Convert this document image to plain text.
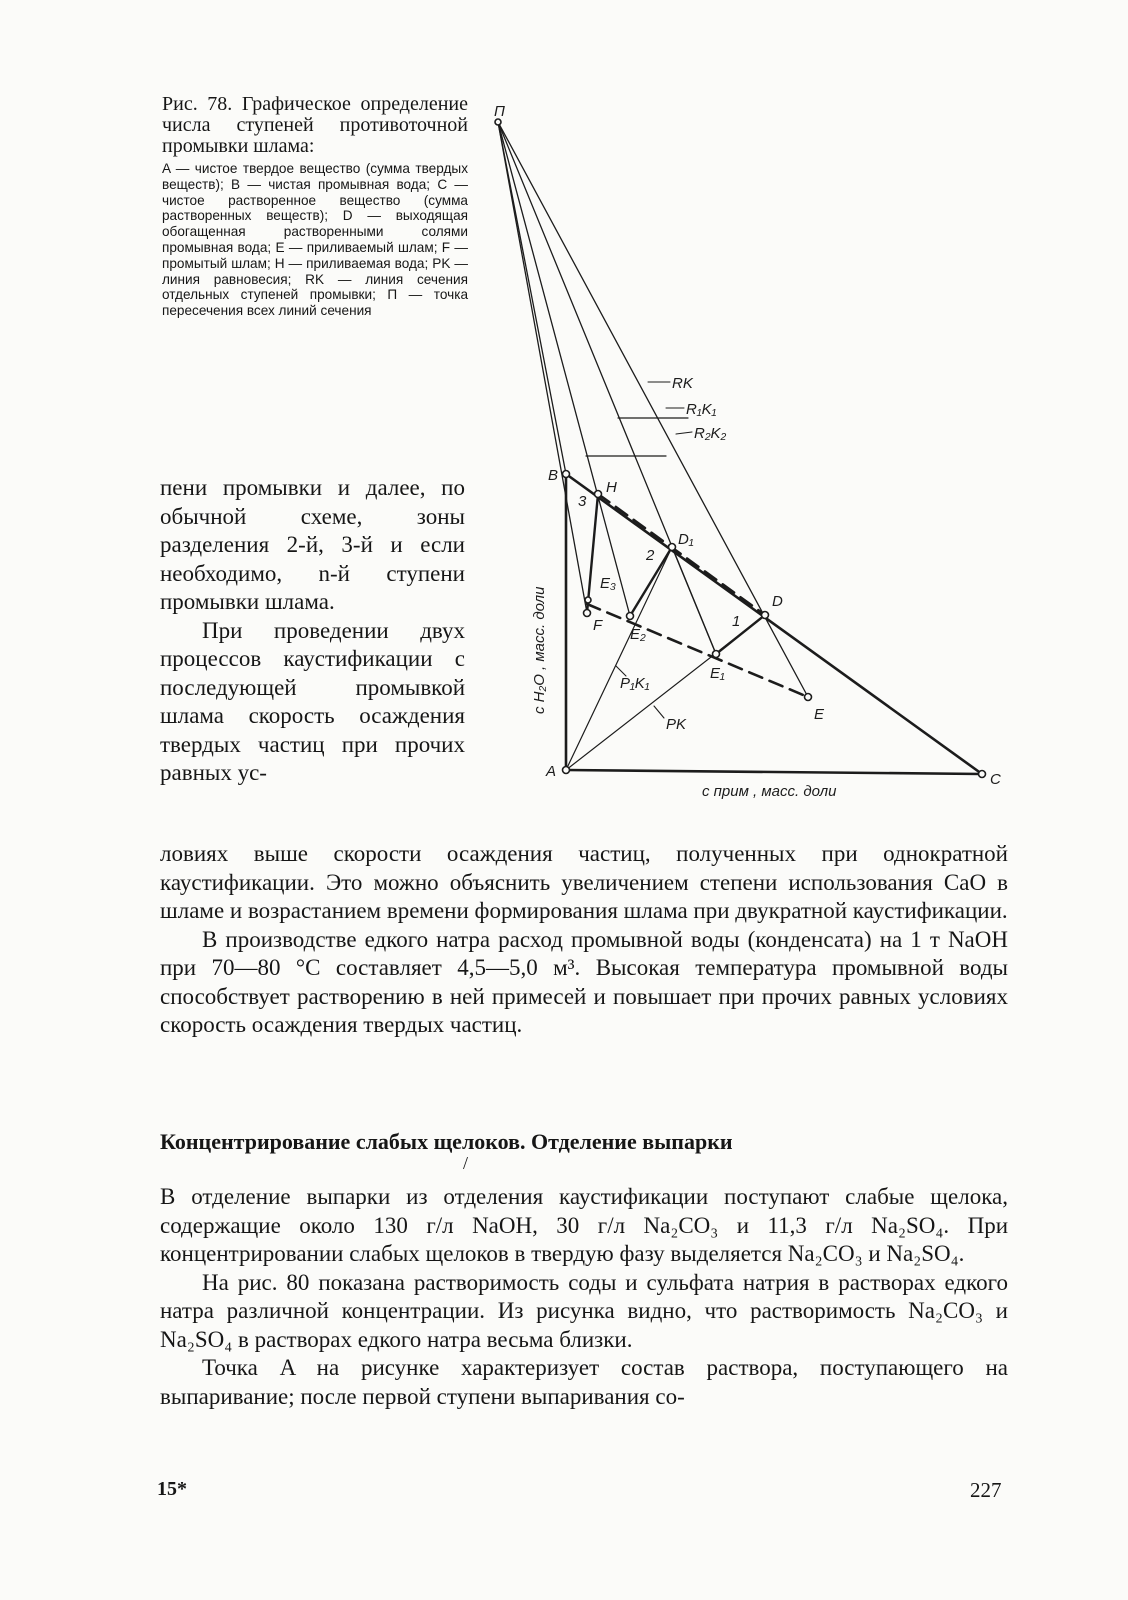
Рис. 78. Графическое определение числа ступеней противоточной промывки шлама:

A — чистое твердое вещество (сумма твердых веществ); B — чистая промывная вода; C — чистое растворенное вещество (сумма растворенных веществ); D — выходящая обогащенная растворенными солями промывная вода; E — приливаемый шлам; F — промытый шлам; H — приливаемая вода; PK — линия равновесия; RK — линия сечения отдельных ступеней промывки; П — точка пересечения всех линий сечения

П
RK
R₁K₁
R₂K₂
B
H
D₁
D
E₃
F
E₂
E₁
E
P₁K₁
PK
A	C
1
2
3
c H₂O , масс. доли
c прим , масс. доли

пени промывки и далее, по обычной схеме, зоны разделения 2-й, 3-й и если необходимо, n-й ступени промывки шлама.

При проведении двух процессов каустификации с последующей промывкой шлама скорость осаждения твердых частиц при прочих равных ус-

ловиях выше скорости осаждения частиц, полученных при однократной каустификации. Это можно объяснить увеличением степени использования CaO в шламе и возрастанием времени формирования шлама при двукратной каустификации.

В производстве едкого натра расход промывной воды (конденсата) на 1 т NaOH при 70—80 °C составляет 4,5—5,0 м³. Высокая температура промывной воды способствует растворению в ней примесей и повышает при прочих равных условиях скорость осаждения твердых частиц.

Концентрирование слабых щелоков. Отделение выпарки
/

В отделение выпарки из отделения каустификации поступают слабые щелока, содержащие около 130 г/л NaOH, 30 г/л Na₂CO₃ и 11,3 г/л Na₂SO₄. При концентрировании слабых щелоков в твердую фазу выделяется Na₂CO₃ и Na₂SO₄.

На рис. 80 показана растворимость соды и сульфата натрия в растворах едкого натра различной концентрации. Из рисунка видно, что растворимость Na₂CO₃ и Na₂SO₄ в растворах едкого натра весьма близки.

Точка A на рисунке характеризует состав раствора, поступающего на выпаривание; после первой ступени выпаривания со-

15*	227
